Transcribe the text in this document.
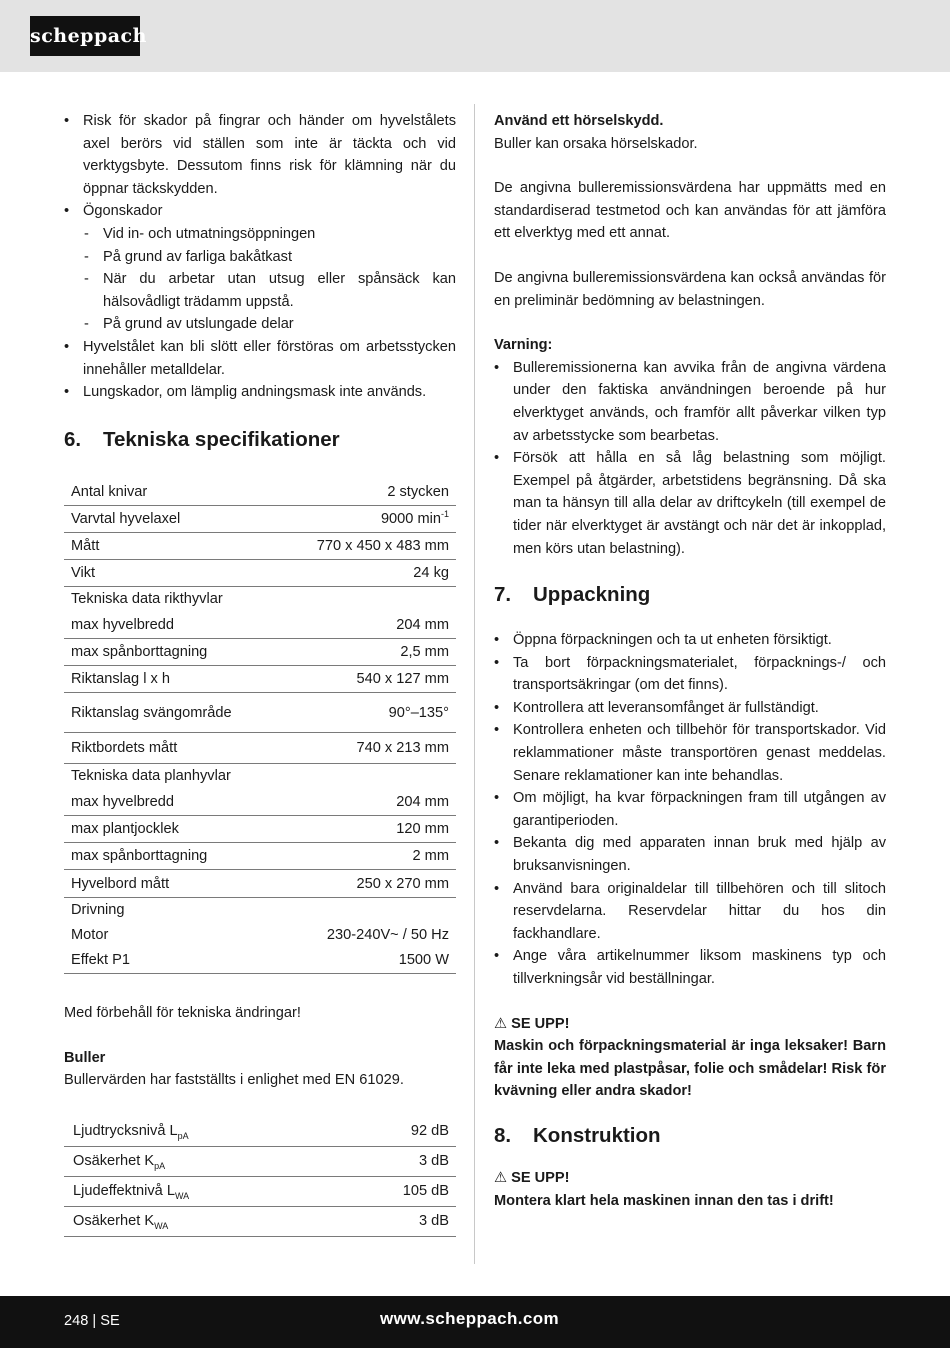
scheppach
• Risk för skador på fingrar och händer om hyvelstålets axel berörs vid ställen som inte är täckta och vid verktygsbyte. Dessutom finns risk för klämning när du öppnar täckskydden.
• Ögonskador
- Vid in- och utmatningsöppningen
- På grund av farliga bakåtkast
- När du arbetar utan utsug eller spånsäck kan hälsovådligt trädamm uppstå.
- På grund av utslungade delar
• Hyvelstålet kan bli slött eller förstöras om arbetsstycken innehåller metalldelar.
• Lungskador, om lämplig andningsmask inte används.
6. Tekniska specifikationer
Antal knivar	2 stycken
Varvtal hyvelaxel	9000 $\min^{-1}$
Mått	770 x 450 x 483 mm
Vikt	24 kg
Tekniska data rikthyvlar	
max hyvelbredd	204 mm
max spånborttagning	2,5 mm
Riktanslag l x h	540 x 127 mm
Riktanslag svängområde	90°–135°
Riktbordets mått	740 x 213 mm
Tekniska data planhyvlar	
max hyvelbredd	204 mm
max plantjocklek	120 mm
max spånborttagning	2 mm
Hyvelbord mått	250 x 270 mm
Drivning	
Motor	230-240V~ / 50 Hz
Effekt P1	1500 W

Med förbehåll för tekniska ändringar!

Buller

Bullervärden har fastställts i enlighet med EN 61029.

Ljudtrycksnivå $L_{pA}$	92 dB
Osäkerhet $K_{pA}$	3 dB
Ljudeffektnivå $L_{WA}$	105 dB
Osäkerhet $K_{WA}$	3 dB

Använd ett hörselskydd.

Buller kan orsaka hörselskador.

De angivna bulleremissionsvärdena har uppmätts med en standardiserad testmetod och kan användas för att jämföra ett elverktyg med ett annat.

De angivna bulleremissionsvärdena kan också användas för en preliminär bedömning av belastningen.

Varning:

• Bulleremissionerna kan avvika från de angivna värdena under den faktiska användningen beroende på hur elverktyget används, och framför allt påverkar vilken typ av arbetsstycke som bearbetas.
• Försök att hålla en så låg belastning som möjligt. Exempel på åtgärder, arbetstidens begränsning. Då ska man ta hänsyn till alla delar av driftcykeln (till exempel de tider när elverktyget är avstängt och när det är inkopplad, men körs utan belastning).
7. Uppackning
• Öppna förpackningen och ta ut enheten försiktigt.
• Ta bort förpackningsmaterialet, förpacknings-/ och transportsäkringar (om det finns).
• Kontrollera att leveransomfånget är fullständigt.
• Kontrollera enheten och tillbehör för transportskador. Vid reklammationer måste transportören genast meddelas. Senare reklamationer kan inte behandlas.
• Om möjligt, ha kvar förpackningen fram till utgången av garantiperioden.
• Bekanta dig med apparaten innan bruk med hjälp av bruksanvisningen.
• Använd bara originaldelar till tillbehören och till slitoch reservdelarna. Reservdelar hittar du hos din fackhandlare.
• Ange våra artikelnummer liksom maskinens typ och tillverkningsår vid beställningar.

⚠ SE UPP!

Maskin och förpackningsmaterial är inga leksaker! Barn får inte leka med plastpåsar, folie och smådelar! Risk för kvävning eller andra skador!

8. Konstruktion

⚠ SE UPP!

Montera klart hela maskinen innan den tas i drift!

248 | SE	www.scheppach.com
